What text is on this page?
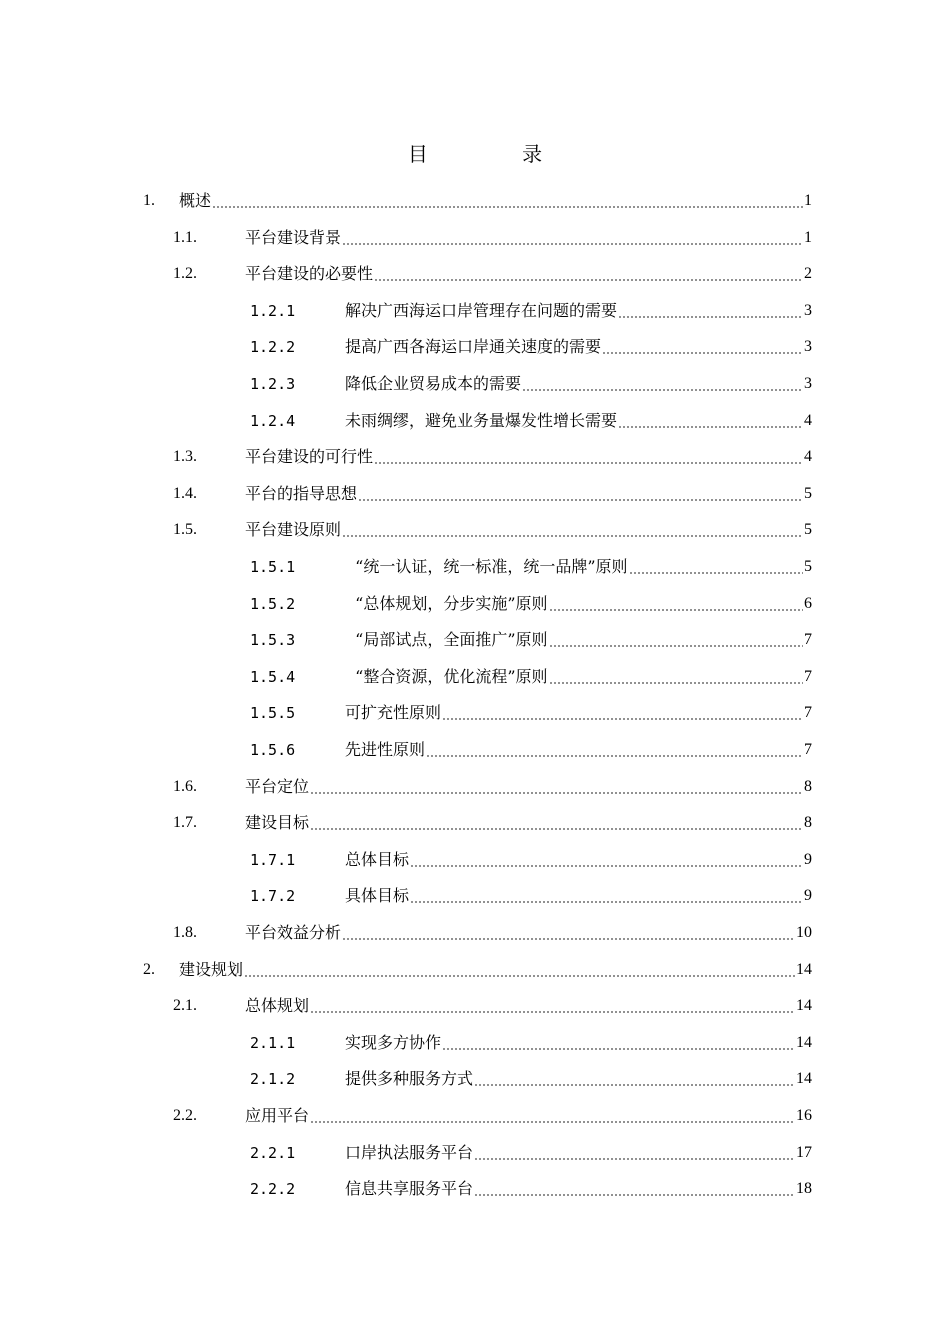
目 录
1.	概述	1
1.1.	平台建设背景	1
1.2.	平台建设的必要性	2
1.2.1	解决广西海运口岸管理存在问题的需要	3
1.2.2	提高广西各海运口岸通关速度的需要	3
1.2.3	降低企业贸易成本的需要	3
1.2.4	未雨绸缪，避免业务量爆发性增长需要	4
1.3.	平台建设的可行性	4
1.4.	平台的指导思想	5
1.5.	平台建设原则	5
1.5.1	“统一认证，统一标准，统一品牌”原则	5
1.5.2	“总体规划，分步实施”原则	6
1.5.3	“局部试点，全面推广”原则	7
1.5.4	“整合资源，优化流程”原则	7
1.5.5	可扩充性原则	7
1.5.6	先进性原则	7
1.6.	平台定位	8
1.7.	建设目标	8
1.7.1	总体目标	9
1.7.2	具体目标	9
1.8.	平台效益分析	10
2.	建设规划	14
2.1.	总体规划	14
2.1.1	实现多方协作	14
2.1.2	提供多种服务方式	14
2.2.	应用平台	16
2.2.1	口岸执法服务平台	17
2.2.2	信息共享服务平台	18
